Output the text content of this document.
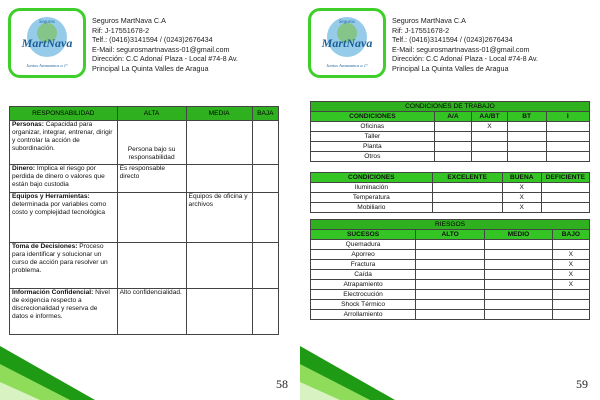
Seguros
MartNava
Juntos Avanzamos a 1°
Seguros MartNava C.A
Rif: J-17551678-2
Telf.: (0416)3141594 / (0243)2676434
E-Mail: segurosmartnavass-01@gmail.com
Dirección: C.C Adonaí Plaza - Local #74-8 Av.
Principal La Quinta Valles de Aragua
RESPONSABILIDAD	ALTA	MEDIA	BAJA
Personas: Capacidad para organizar, integrar, entrenar, dirigir y controlar la acción de subordinación.	Persona bajo su responsabilidad		
Dinero: Implica el riesgo por perdida de dinero o valores que están bajo custodia	Es responsable directo		
Equipos y Herramientas: determinada por variables como costo y complejidad tecnológica		Equipos de oficina y archivos	
Toma de Decisiones: Proceso para identificar y solucionar un curso de acción para resolver un problema.			
Información Confidencial: Nivel de exigencia respecto a discrecionalidad y reserva de datos e informes.	Alto confidencialidad.		
58
Seguros
MartNava
Juntos Avanzamos a 1°
Seguros MartNava C.A
Rif: J-17551678-2
Telf.: (0416)3141594 / (0243)2676434
E-Mail: segurosmartnavass-01@gmail.com
Dirección: C.C Adonaí Plaza - Local #74-8 Av.
Principal La Quinta Valles de Aragua
CONDICIONES DE TRABAJO				
CONDICIONES	A/A	AA/BT	BT	I
Oficinas		X		
Taller				
Planta				
Otros				
CONDICIONES	EXCELENTE	BUENA	DEFICIENTE
Iluminación		X	
Temperatura		X	
Mobiliario		X	
RIESGOS			
SUCESOS	ALTO	MEDIO	BAJO
Quemadura			
Aporreo			X
Fractura			X
Caída			X
Atrapamiento			X
Electrocución			
Shock Térmico			
Arrollamiento			
59
